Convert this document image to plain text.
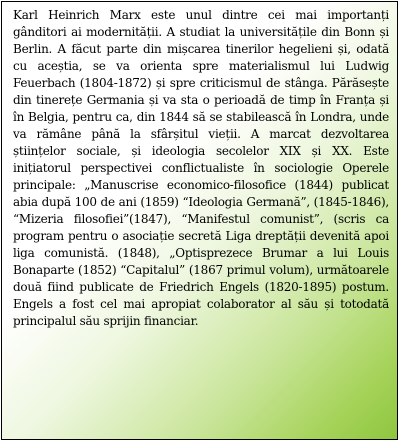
Karl Heinrich Marx este unul dintre cei mai importanți gânditori ai modernității. A studiat la universitățile din Bonn și Berlin. A făcut parte din mișcarea tinerilor hegelieni și, odată cu aceștia, se va orienta spre materialismul lui Ludwig Feuerbach (1804-1872) și spre criticismul de stânga. Părăsește din tinerețe Germania și va sta o perioadă de timp în Franța și în Belgia, pentru ca, din 1844 să se stabilească în Londra, unde va rămâne până la sfârșitul vieții. A marcat dezvoltarea științelor sociale, și ideologia secolelor XIX și XX. Este inițiatorul perspectivei conflictualiste în sociologie Operele principale: „Manuscrise economico-filosofice (1844) publicat abia după 100 de ani (1859) “Ideologia Germană”, (1845-1846), “Mizeria filosofiei”(1847), “Manifestul comunist”, (scris ca program pentru o asociație secretă Liga dreptății devenită apoi liga comunistă. (1848), „Optisprezece Brumar a lui Louis Bonaparte (1852) “Capitalul” (1867 primul volum), următoarele două fiind publicate de Friedrich Engels (1820-1895) postum. Engels a fost cel mai apropiat colaborator al său și totodată principalul său sprijin financiar.
